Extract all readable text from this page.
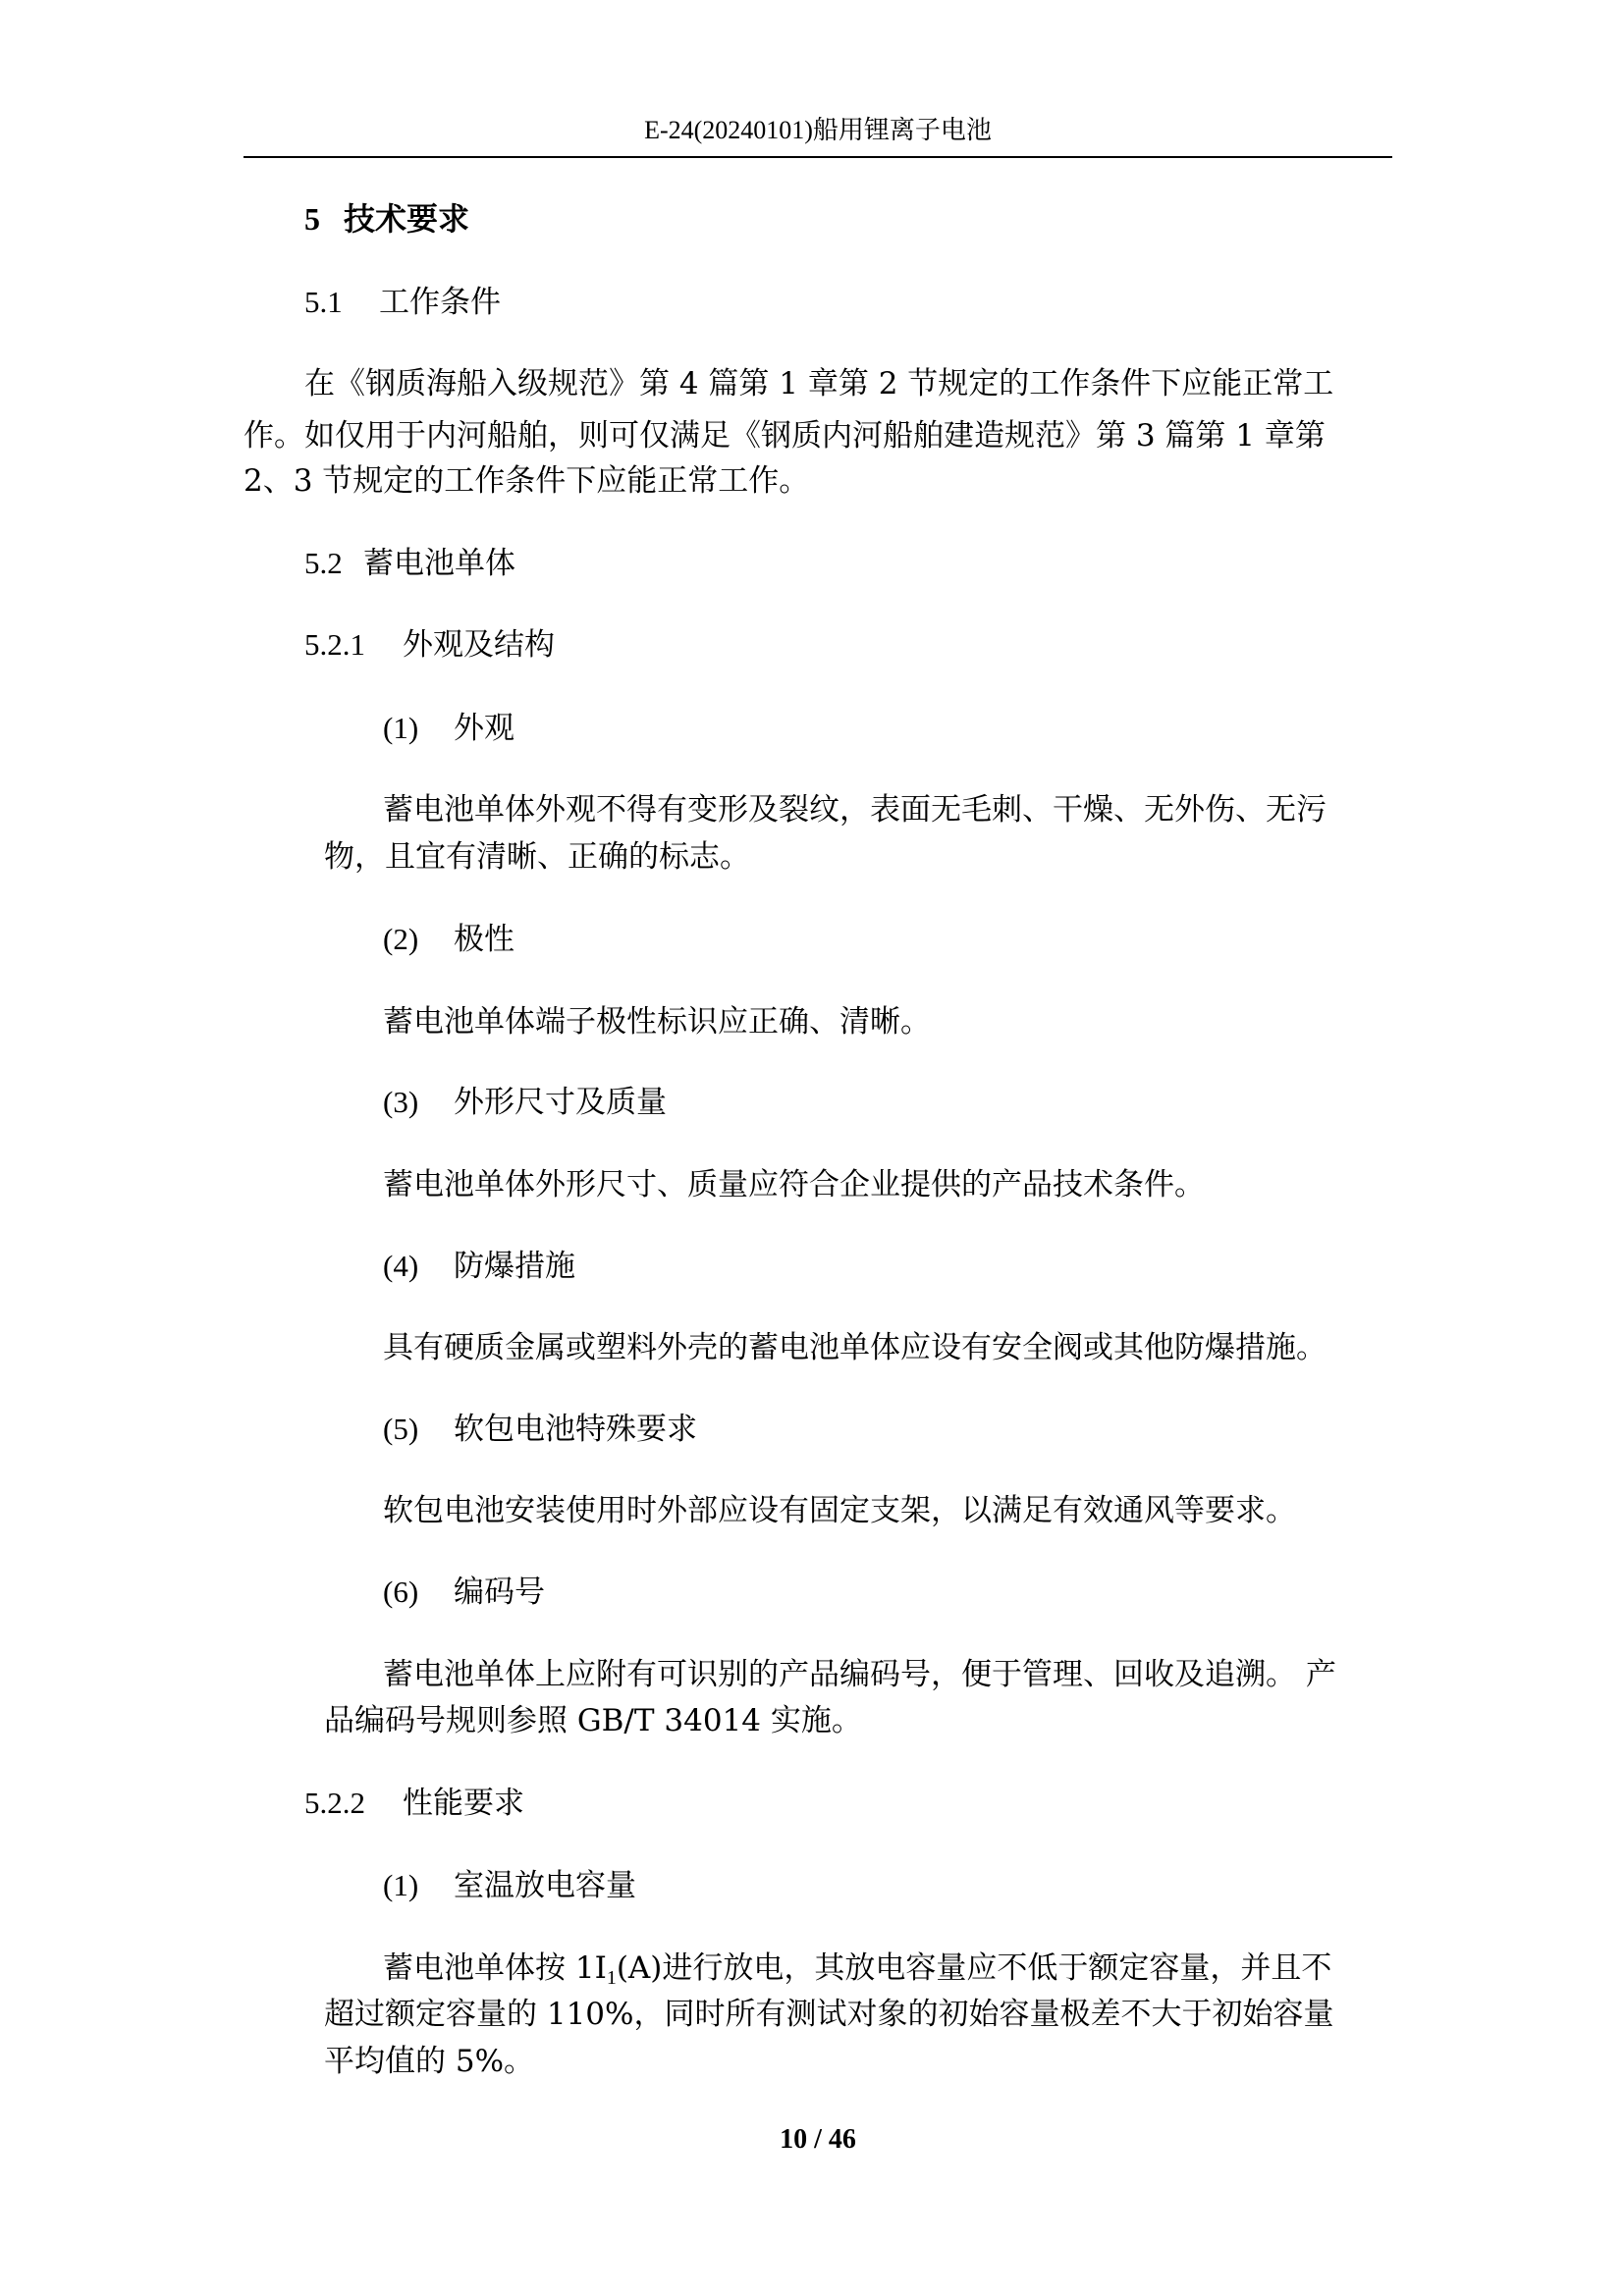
E-24(20240101)船用锂离子电池
5 技术要求
5.1 工作条件
在《钢质海船入级规范》第 4 篇第 1 章第 2 节规定的工作条件下应能正常工
作。如仅用于内河船舶，则可仅满足《钢质内河船舶建造规范》第 3 篇第 1 章第
2、3 节规定的工作条件下应能正常工作。
5.2 蓄电池单体
5.2.1 外观及结构
(1) 外观
蓄电池单体外观不得有变形及裂纹，表面无毛刺、干燥、无外伤、无污
物，且宜有清晰、正确的标志。
(2) 极性
蓄电池单体端子极性标识应正确、清晰。
(3) 外形尺寸及质量
蓄电池单体外形尺寸、质量应符合企业提供的产品技术条件。
(4) 防爆措施
具有硬质金属或塑料外壳的蓄电池单体应设有安全阀或其他防爆措施。
(5) 软包电池特殊要求
软包电池安装使用时外部应设有固定支架，以满足有效通风等要求。
(6) 编码号
蓄电池单体上应附有可识别的产品编码号，便于管理、回收及追溯。 产
品编码号规则参照 GB/T 34014 实施。
5.2.2 性能要求
(1) 室温放电容量
蓄电池单体按 $1I_1(A)$进行放电，其放电容量应不低于额定容量，并且不
超过额定容量的 110%，同时所有测试对象的初始容量极差不大于初始容量
平均值的 5%。
10 / 46
